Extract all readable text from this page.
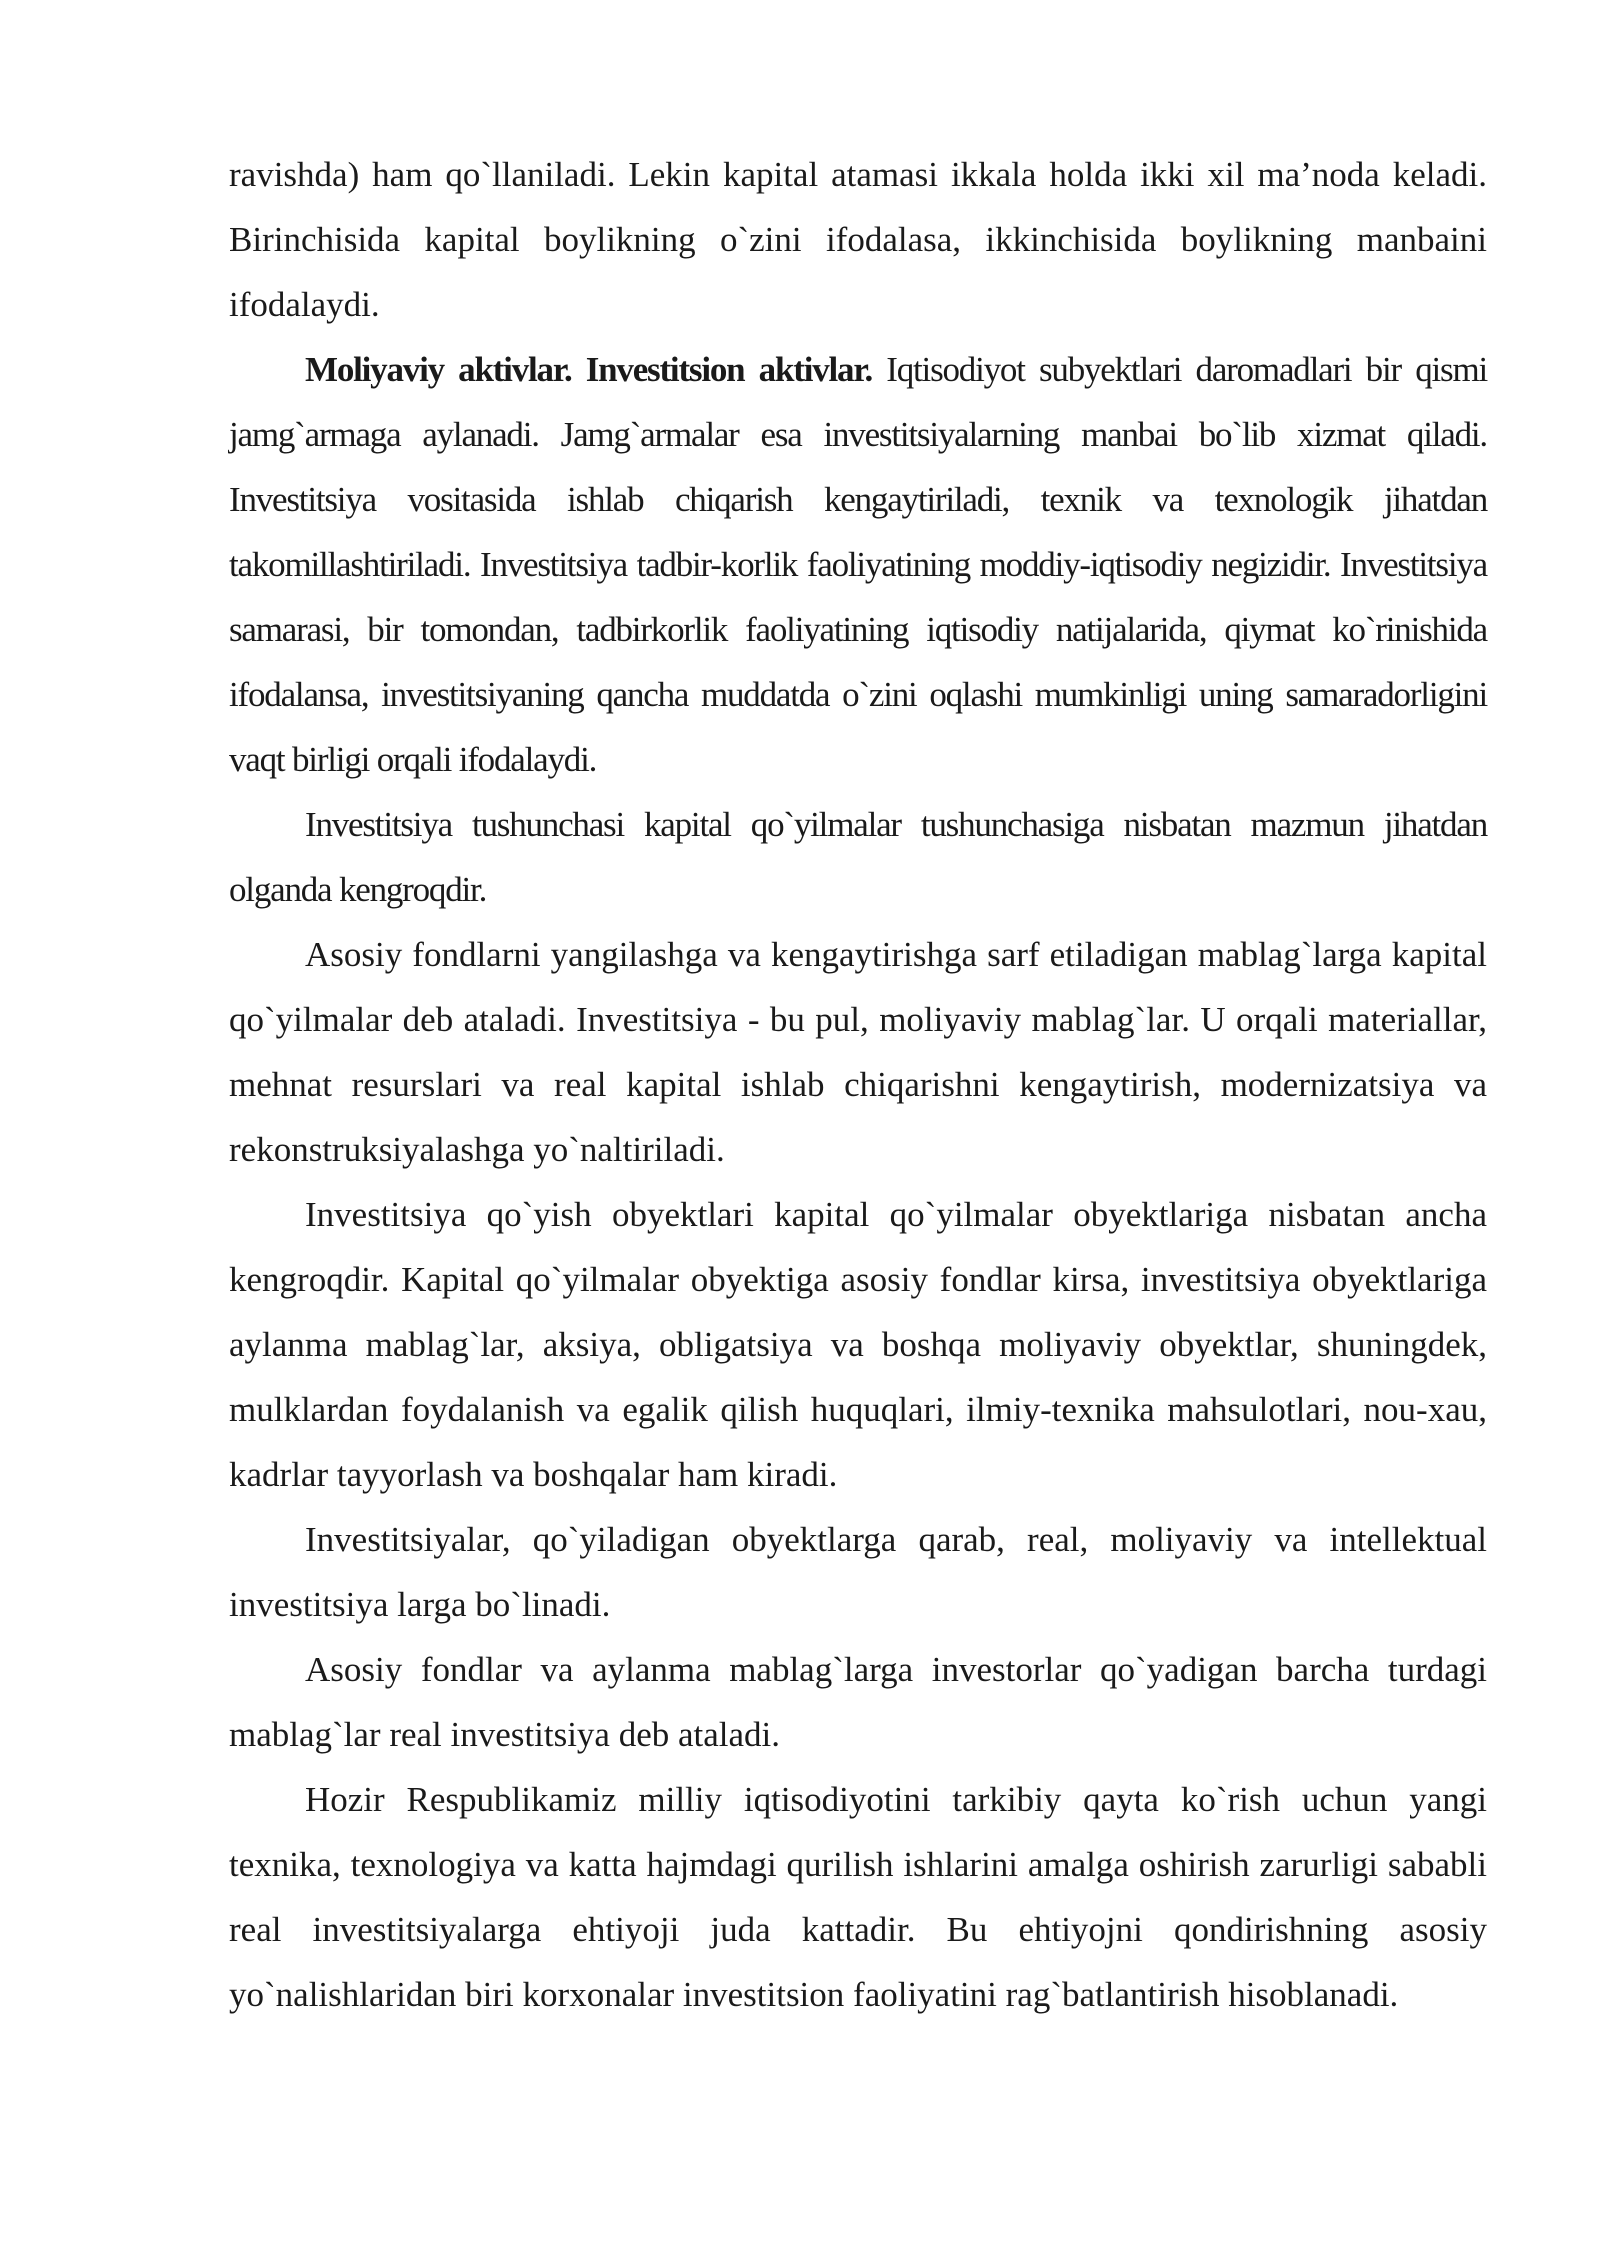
ravishda) ham qo`llaniladi. Lekin kapital atamasi ikkala holda ikki xil ma’noda keladi. Birinchisida kapital boylikning o`zini ifodalasa, ikkinchisida boylikning manbaini ifodalaydi.

Moliyaviy aktivlar. Investitsion aktivlar. Iqtisodiyot subyektlari daromadlari bir qismi jamg`armaga aylanadi. Jamg`armalar esa investitsiyalarning manbai bo`lib xizmat qiladi. Investitsiya vositasida ishlab chiqarish kengaytiriladi, texnik va texnologik jihatdan takomillashtiriladi. Investitsiya tadbir-korlik faoliyatining moddiy-iqtisodiy negizidir. Investitsiya samarasi, bir tomondan, tadbirkorlik faoliyatining iqtisodiy natijalarida, qiymat ko`rinishida ifodalansa, investitsiyaning qancha muddatda o`zini oqlashi mumkinligi uning samaradorligini vaqt birligi orqali ifodalaydi.

Investitsiya tushunchasi kapital qo`yilmalar tushunchasiga nisbatan mazmun jihatdan olganda kengroqdir.

Asosiy fondlarni yangilashga va kengaytirishga sarf etiladigan mablag`larga kapital qo`yilmalar deb ataladi. Investitsiya - bu pul, moliyaviy mablag`lar. U orqali materiallar, mehnat resurslari va real kapital ishlab chiqarishni kengaytirish, modernizatsiya va rekonstruksiyalashga yo`naltiriladi.

Investitsiya qo`yish obyektlari kapital qo`yilmalar obyektlariga nisbatan ancha kengroqdir. Kapital qo`yilmalar obyektiga asosiy fondlar kirsa, investitsiya obyektlariga aylanma mablag`lar, aksiya, obligatsiya va boshqa moliyaviy obyektlar, shuningdek, mulklardan foydalanish va egalik qilish huquqlari, ilmiy-texnika mahsulotlari, nou-xau, kadrlar tayyorlash va boshqalar ham kiradi.

Investitsiyalar, qo`yiladigan obyektlarga qarab, real, moliyaviy va intellektual investitsiya larga bo`linadi.

Asosiy fondlar va aylanma mablag`larga investorlar qo`yadigan barcha turdagi mablag`lar real investitsiya deb ataladi.

Hozir Respublikamiz milliy iqtisodiyotini tarkibiy qayta ko`rish uchun yangi texnika, texnologiya va katta hajmdagi qurilish ishlarini amalga oshirish zarurligi sababli real investitsiyalarga ehtiyoji juda kattadir. Bu ehtiyojni qondirishning asosiy yo`nalishlaridan biri korxonalar investitsion faoliyatini rag`batlantirish hisoblanadi.
